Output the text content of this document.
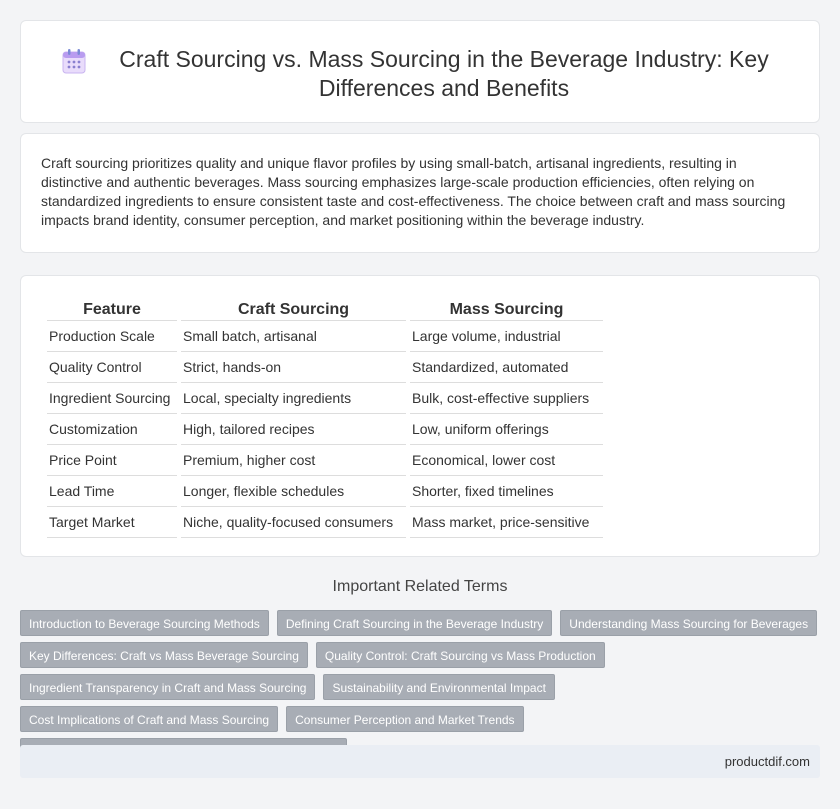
Craft Sourcing vs. Mass Sourcing in the Beverage Industry: Key Differences and Benefits

Craft sourcing prioritizes quality and unique flavor profiles by using small-batch, artisanal ingredients, resulting in distinctive and authentic beverages. Mass sourcing emphasizes large-scale production efficiencies, often relying on standardized ingredients to ensure consistent taste and cost-effectiveness. The choice between craft and mass sourcing impacts brand identity, consumer perception, and market positioning within the beverage industry.

Feature	Craft Sourcing	Mass Sourcing
Production Scale	Small batch, artisanal	Large volume, industrial
Quality Control	Strict, hands-on	Standardized, automated
Ingredient Sourcing	Local, specialty ingredients	Bulk, cost-effective suppliers
Customization	High, tailored recipes	Low, uniform offerings
Price Point	Premium, higher cost	Economical, lower cost
Lead Time	Longer, flexible schedules	Shorter, fixed timelines
Target Market	Niche, quality-focused consumers	Mass market, price-sensitive
Important Related Terms
Introduction to Beverage Sourcing Methods	Defining Craft Sourcing in the Beverage Industry	Understanding Mass Sourcing for Beverages
Key Differences: Craft vs Mass Beverage Sourcing	Quality Control: Craft Sourcing vs Mass Production
Ingredient Transparency in Craft and Mass Sourcing	Sustainability and Environmental Impact
Cost Implications of Craft and Mass Sourcing	Consumer Perception and Market Trends
productdif.com
